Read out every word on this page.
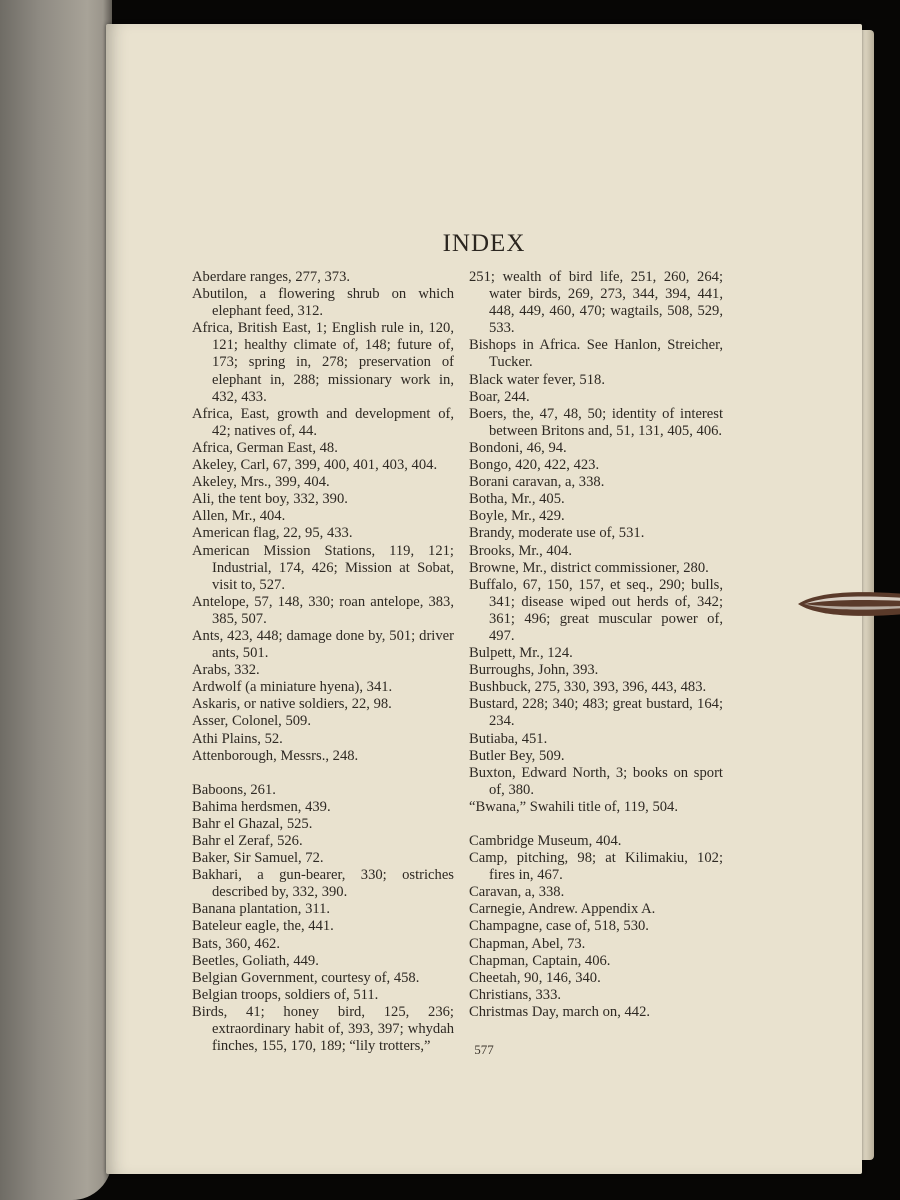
INDEX
Aberdare ranges, 277, 373.
Abutilon, a flowering shrub on which elephant feed, 312.
Africa, British East, 1; English rule in, 120, 121; healthy climate of, 148; future of, 173; spring in, 278; preservation of elephant in, 288; missionary work in, 432, 433.
Africa, East, growth and development of, 42; natives of, 44.
Africa, German East, 48.
Akeley, Carl, 67, 399, 400, 401, 403, 404.
Akeley, Mrs., 399, 404.
Ali, the tent boy, 332, 390.
Allen, Mr., 404.
American flag, 22, 95, 433.
American Mission Stations, 119, 121; Industrial, 174, 426; Mission at Sobat, visit to, 527.
Antelope, 57, 148, 330; roan antelope, 383, 385, 507.
Ants, 423, 448; damage done by, 501; driver ants, 501.
Arabs, 332.
Ardwolf (a miniature hyena), 341.
Askaris, or native soldiers, 22, 98.
Asser, Colonel, 509.
Athi Plains, 52.
Attenborough, Messrs., 248.
Baboons, 261.
Bahima herdsmen, 439.
Bahr el Ghazal, 525.
Bahr el Zeraf, 526.
Baker, Sir Samuel, 72.
Bakhari, a gun-bearer, 330; ostriches described by, 332, 390.
Banana plantation, 311.
Bateleur eagle, the, 441.
Bats, 360, 462.
Beetles, Goliath, 449.
Belgian Government, courtesy of, 458.
Belgian troops, soldiers of, 511.
Birds, 41; honey bird, 125, 236; extraordinary habit of, 393, 397; whydah finches, 155, 170, 189; “lily trotters,”
251; wealth of bird life, 251, 260, 264; water birds, 269, 273, 344, 394, 441, 448, 449, 460, 470; wagtails, 508, 529, 533.
Bishops in Africa. See Hanlon, Streicher, Tucker.
Black water fever, 518.
Boar, 244.
Boers, the, 47, 48, 50; identity of interest between Britons and, 51, 131, 405, 406.
Bondoni, 46, 94.
Bongo, 420, 422, 423.
Borani caravan, a, 338.
Botha, Mr., 405.
Boyle, Mr., 429.
Brandy, moderate use of, 531.
Brooks, Mr., 404.
Browne, Mr., district commissioner, 280.
Buffalo, 67, 150, 157, et seq., 290; bulls, 341; disease wiped out herds of, 342; 361; 496; great muscular power of, 497.
Bulpett, Mr., 124.
Burroughs, John, 393.
Bushbuck, 275, 330, 393, 396, 443, 483.
Bustard, 228; 340; 483; great bustard, 164; 234.
Butiaba, 451.
Butler Bey, 509.
Buxton, Edward North, 3; books on sport of, 380.
“Bwana,” Swahili title of, 119, 504.
Cambridge Museum, 404.
Camp, pitching, 98; at Kilimakiu, 102; fires in, 467.
Caravan, a, 338.
Carnegie, Andrew. Appendix A.
Champagne, case of, 518, 530.
Chapman, Abel, 73.
Chapman, Captain, 406.
Cheetah, 90, 146, 340.
Christians, 333.
Christmas Day, march on, 442.
577
